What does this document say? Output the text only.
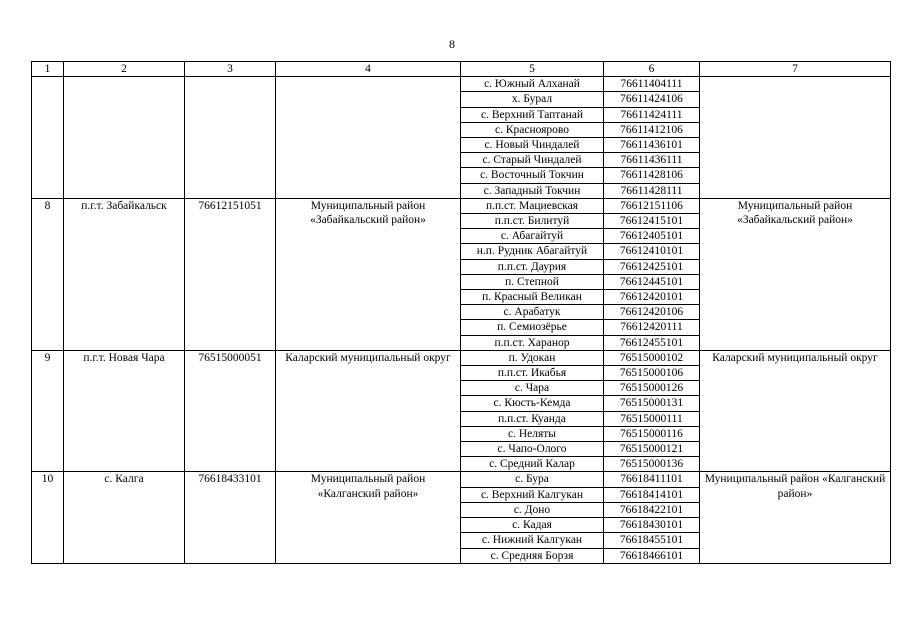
8
1	2	3	4	5	6	7
				с. Южный Алханай	76611404111	
				х. Бурал	76611424106	
				с. Верхний Таптанай	76611424111	
				с. Красноярово	76611412106	
				с. Новый Чиндалей	76611436101	
				с. Старый Чиндалей	76611436111	
				с. Восточный Токчин	76611428106	
				с. Западный Токчин	76611428111	
8	п.г.т. Забайкальск	76612151051	Муниципальный район «Забайкальский район»	п.п.ст. Мациевская	76612151106	Муниципальный район «Забайкальский район»
				п.п.ст. Билитуй	76612415101	
				с. Абагайтуй	76612405101	
				н.п. Рудник Абагайтуй	76612410101	
				п.п.ст. Даурия	76612425101	
				п. Степной	76612445101	
				п. Красный Великан	76612420101	
				с. Арабатук	76612420106	
				п. Семиозёрье	76612420111	
				п.п.ст. Харанор	76612455101	
9	п.г.т. Новая Чара	76515000051	Каларский муниципальный округ	п. Удокан	76515000102	Каларский муниципальный округ
				п.п.ст. Икабья	76515000106	
				с. Чара	76515000126	
				с. Кюсть-Кемда	76515000131	
				п.п.ст. Куанда	76515000111	
				с. Неляты	76515000116	
				с. Чапо-Олого	76515000121	
				с. Средний Калар	76515000136	
10	с. Калга	76618433101	Муниципальный район «Калганский район»	с. Бура	76618411101	Муниципальный район «Калганский район»
				с. Верхний Калгукан	76618414101	
				с. Доно	76618422101	
				с. Кадая	76618430101	
				с. Нижний Калгукан	76618455101	
				с. Средняя Борзя	76618466101	
